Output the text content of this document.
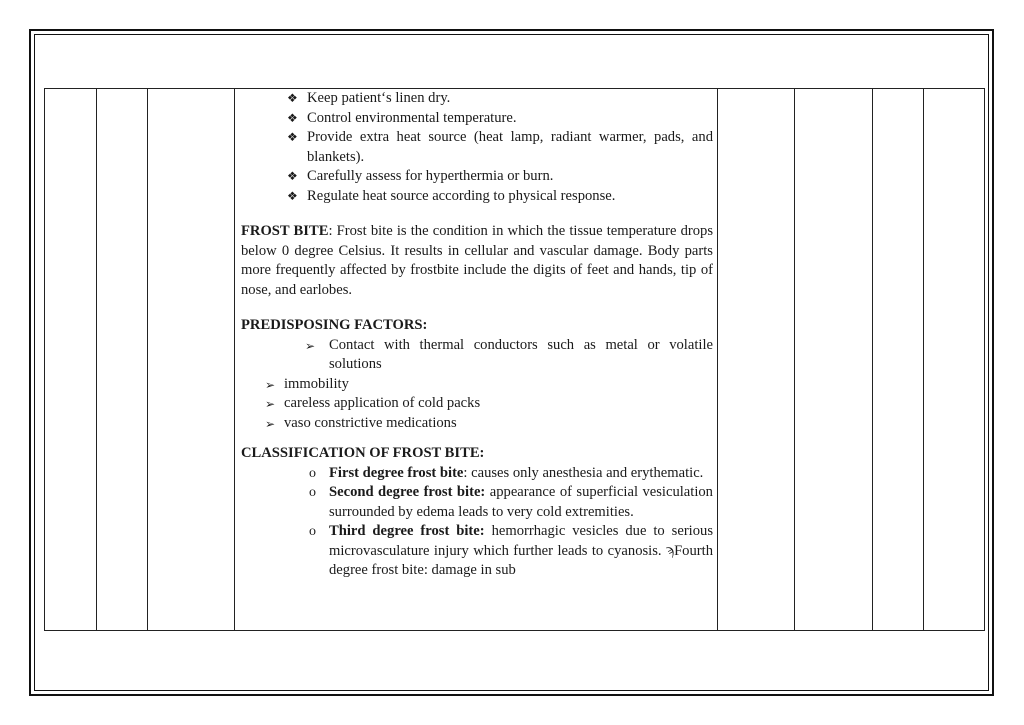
❖ Keep patient‘s linen dry.
❖ Control environmental temperature.
❖ Provide extra heat source (heat lamp, radiant warmer, pads, and blankets).
❖ Carefully assess for hyperthermia or burn.
❖ Regulate heat source according to physical response.
FROST BITE: Frost bite is the condition in which the tissue temperature drops below 0 degree Celsius. It results in cellular and vascular damage. Body parts more frequently affected by frostbite include the digits of feet and hands, tip of nose, and earlobes.
PREDISPOSING FACTORS:
➢ Contact with thermal conductors such as metal or volatile solutions
➢ immobility
➢ careless application of cold packs
➢ vaso constrictive medications
CLASSIFICATION OF FROST BITE:
o First degree frost bite: causes only anesthesia and erythematic.
o Second degree frost bite: appearance of superficial vesiculation surrounded by edema leads to very cold extremities.
o Third degree frost bite: hemorrhagic vesicles due to serious microvasculature injury which further leads to cyanosis. ϡFourth degree frost bite: damage in sub
